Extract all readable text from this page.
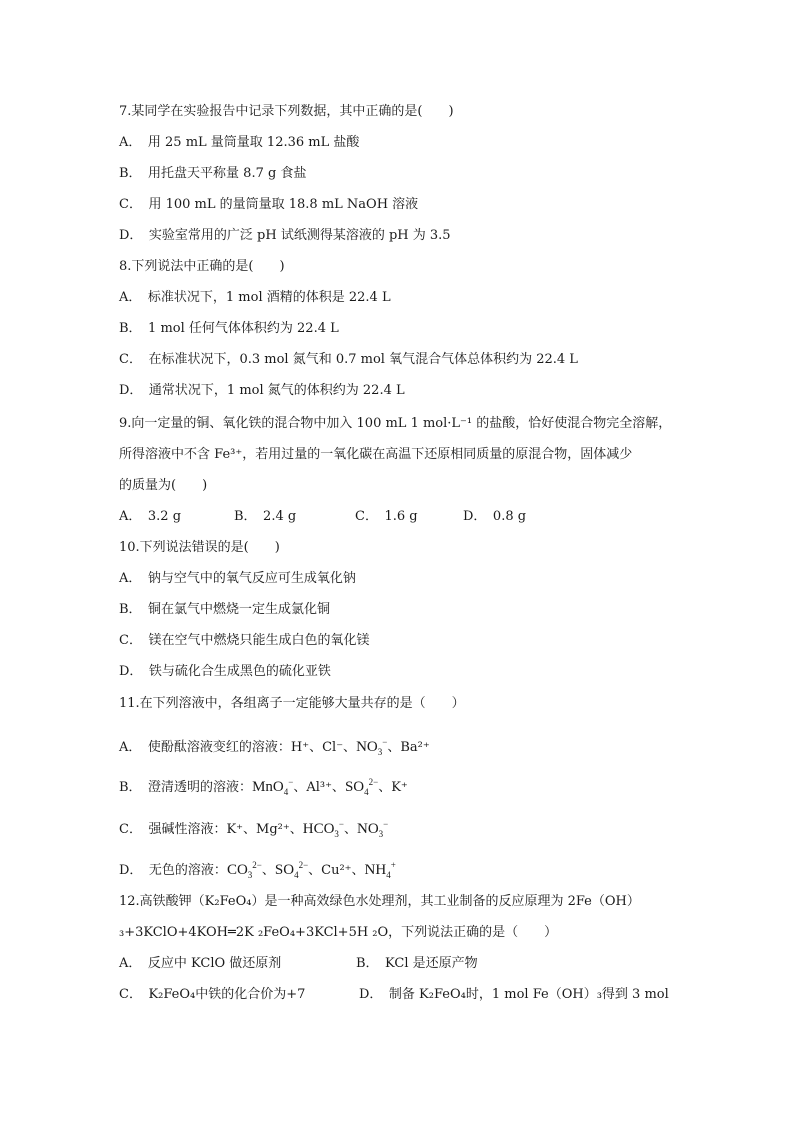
7.某同学在实验报告中记录下列数据，其中正确的是(　　)
A．　用 25 mL 量筒量取 12.36 mL 盐酸
B．　用托盘天平称量 8.7 g 食盐
C．　用 100 mL 的量筒量取 18.8 mL NaOH 溶液
D．　实验室常用的广泛 pH 试纸测得某溶液的 pH 为 3.5
8.下列说法中正确的是(　　)
A．　标准状况下，1 mol 酒精的体积是 22.4 L
B．　1 mol 任何气体体积约为 22.4 L
C．　在标准状况下，0.3 mol 氮气和 0.7 mol 氧气混合气体总体积约为 22.4 L
D．　通常状况下，1 mol 氮气的体积约为 22.4 L
9.向一定量的铜、氧化铁的混合物中加入 100 mL 1 mol·L⁻¹ 的盐酸，恰好使混合物完全溶解，
所得溶液中不含 Fe³⁺，若用过量的一氧化碳在高温下还原相同质量的原混合物，固体减少
的质量为(　　)
A．　3.2 g	B．　2.4 g	C．　1.6 g	D．　0.8 g
10.下列说法错误的是(　　)
A．　钠与空气中的氧气反应可生成氧化钠
B．　铜在氯气中燃烧一定生成氯化铜
C．　镁在空气中燃烧只能生成白色的氧化镁
D．　铁与硫化合生成黑色的硫化亚铁
11.在下列溶液中，各组离子一定能够大量共存的是（　　）
A．　使酚酞溶液变红的溶液：H⁺、Cl⁻、$NO_3^-$、Ba²⁺
B．　澄清透明的溶液：MnO$_4$−、Al³⁺、$SO_4^{2-}$、K⁺
C．　强碱性溶液：K⁺、Mg²⁺、$HCO_3^-$、$NO_3^-$
D．　无色的溶液：$CO_3^{2-}$、$SO_4^{2-}$、Cu²⁺、$NH_4^+$
12.高铁酸钾（K₂FeO₄）是一种高效绿色水处理剂，其工业制备的反应原理为 2Fe（OH）
₃+3KClO+4KOH═2K ₂FeO₄+3KCl+5H ₂O，下列说法正确的是（　　）
A．　反应中 KClO 做还原剂	B．　KCl 是还原产物
C．　K₂FeO₄中铁的化合价为+7	D．　制备 K₂FeO₄时，1 mol Fe（OH）₃得到 3 mol
